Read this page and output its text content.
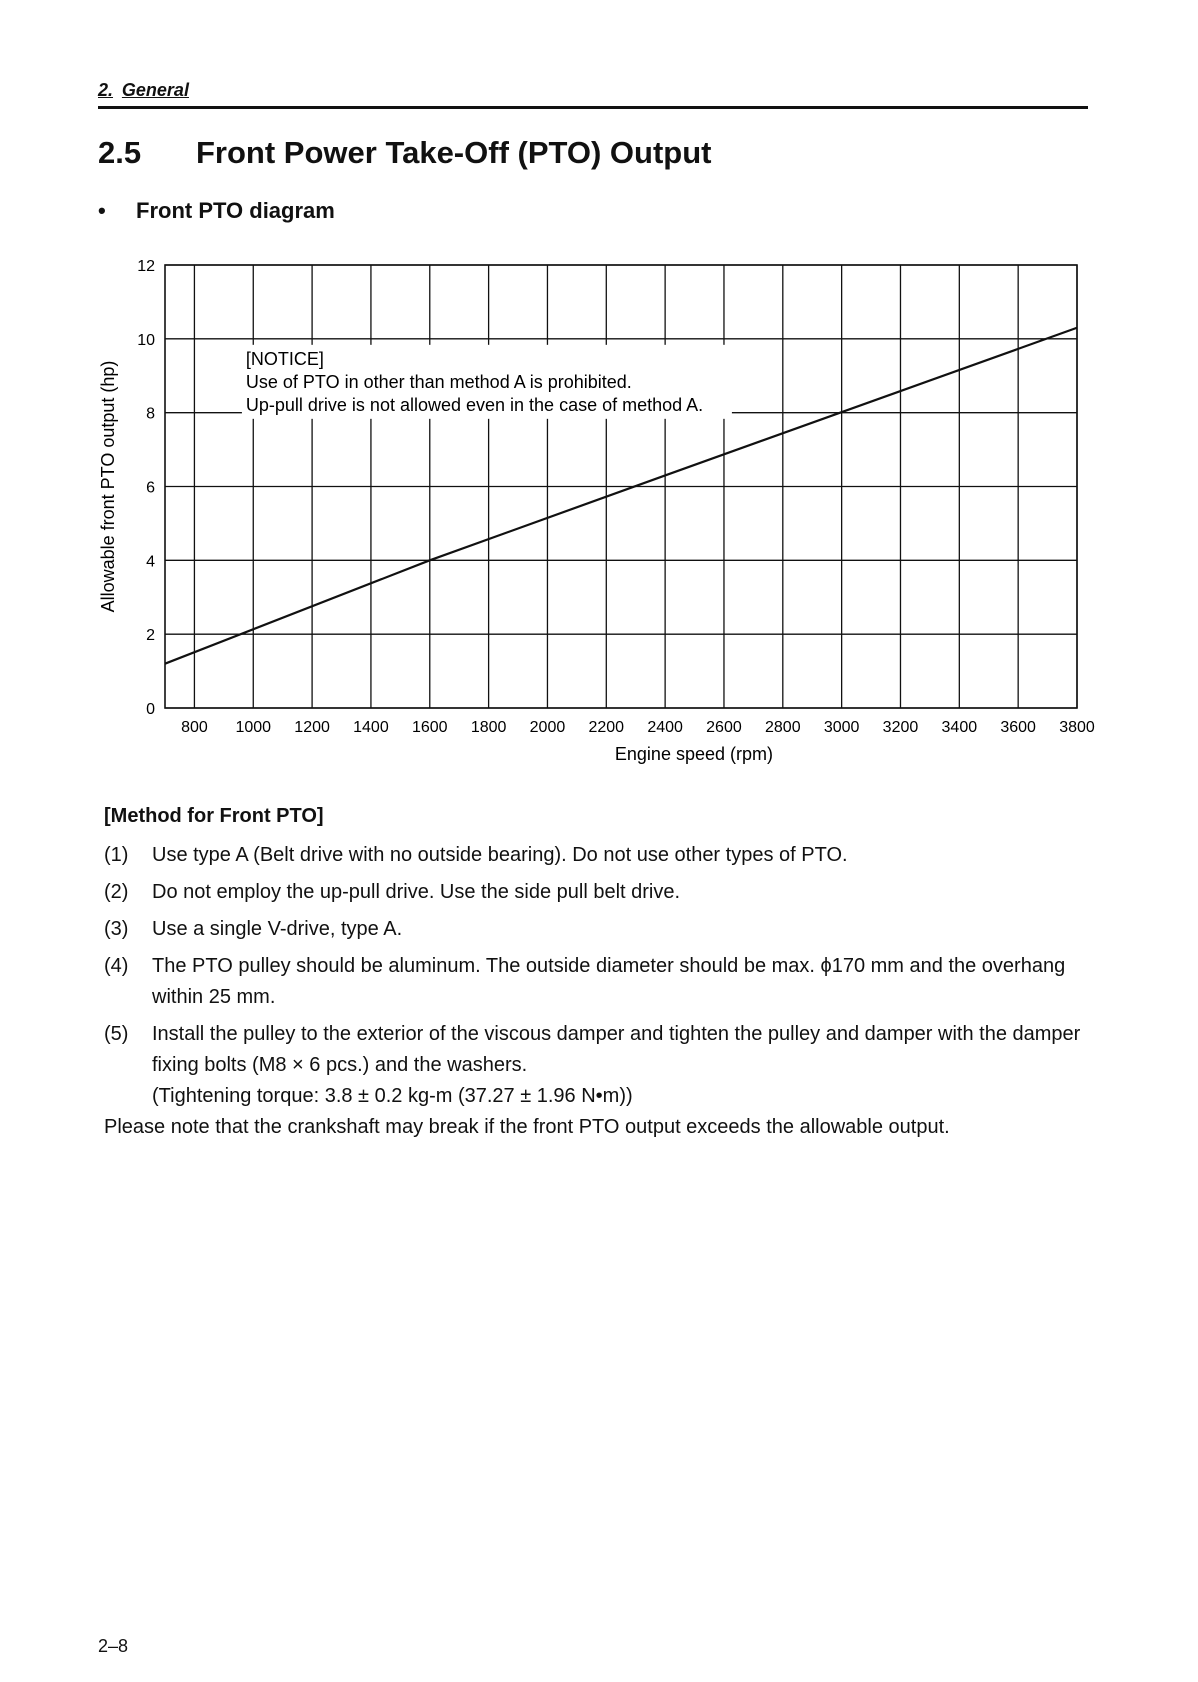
2. General
2.5 Front Power Take-Off (PTO) Output
• Front PTO diagram
0
2
4
6
8
10
12
800 1000 1200 1400 1600 1800 2000 2200 2400 2600 2800 3000 3200 3400 3600 3800
[NOTICE]
Use of PTO in other than method A is prohibited.
Up-pull drive is not allowed even in the case of method A.
Allowable front PTO output (hp)
Engine speed (rpm)
[Method for Front PTO]
(1)	Use type A (Belt drive with no outside bearing). Do not use other types of PTO.
(2)	Do not employ the up-pull drive. Use the side pull belt drive.
(3)	Use a single V-drive, type A.
(4)	The PTO pulley should be aluminum. The outside diameter should be max. ϕ170 mm and the overhang within 25 mm.
(5)	Install the pulley to the exterior of the viscous damper and tighten the pulley and damper with the damper fixing bolts (M8 × 6 pcs.) and the washers.
(Tightening torque: 3.8 ± 0.2 kg-m (37.27 ± 1.96 N•m))
Please note that the crankshaft may break if the front PTO output exceeds the allowable output.
2–8
